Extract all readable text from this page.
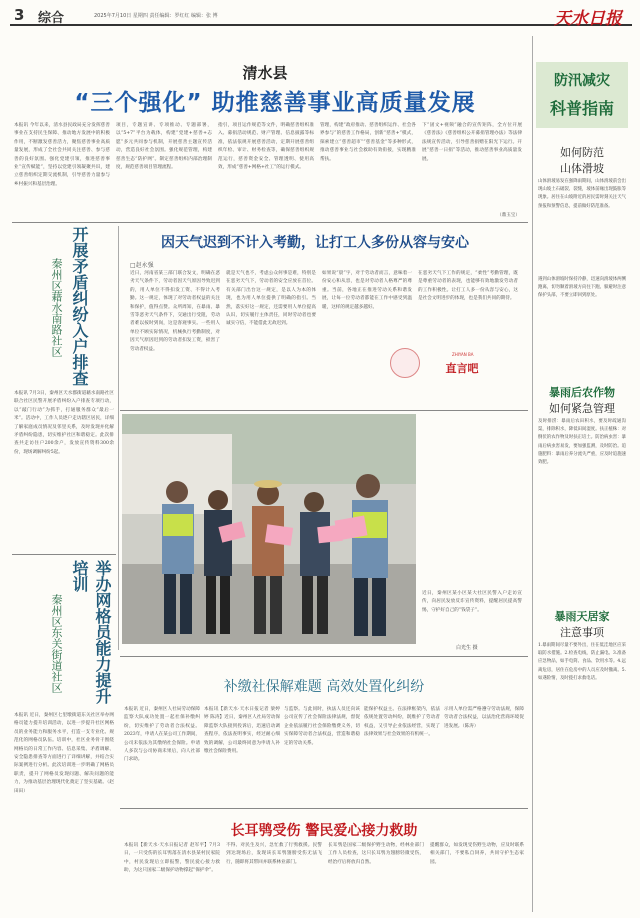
3 综合	2025年7月10日 星期四 责任编辑：罗红红 编辑：张 博	天水日报
清水县
“三个强化” 助推慈善事业高质量发展
本报讯 今年以来，清水县民政局充分发挥慈善事业在支持民生保障、推动地方发展中的积极作用，不断激发慈善活力，聚焦慈善事业高质量发展，形成了全社会共同关注慈善、参与慈善的良好氛围。强化党建引领，推进慈善事业“宣传赋能”，坚持以党建引领凝聚共识，建立慈善组织定期交流机制，引导慈善力量参与乡村振兴和基层治理。
项目，专题宣讲、专项推动、专题部署，以“5+7”平台为载体，构建“党建+慈善+志愿”多元共同参与机制，开展慈善主题宣传活动，营造良好社会氛围。强化规范管理，构建慈善生态“防护网”。制定慈善组织内部治理制度，规范慈善项目管理流程。
指引，项目运作规范等文件，明确慈善组织准入、募捐活动规范、财产管理、信息披露等标准，依法依规开展慈善活动，定期开展慈善组织年检、审计、财务检查等，确保慈善组织规范运行，慈善资金安全、管理透明、使用高效，形成“慈善+网格+社工”的运行模式。
管理，构建“政府推动、慈善组织运作、社会各界参与”的慈善工作格局，创新“慈善+”模式，探索建立“慈善超市”“慈善基金”等多种形式，推动慈善事业与社会救助有效衔接，实现精准帮扶。
下“固文+视频”融合的宣传矩阵，全方位开展《慈善法》《慈善组织公开募捐管理办法》等法律法规宣传活动，引导慈善捐赠在阳光下运行。开展“慈善一日捐”等活动，推动慈善事业高质量发展。
（鼎玉宝）
开展矛盾纠纷入户排查
秦州区藉水南路社区
本报讯 7月3日，秦州区天水郡街道藉水南路社区联合社区民警开展矛盾纠纷入户排查专项行动，以“敲门行动”为抓手，打通服务群众“最后一米”。活动中，工作人员逐户走访辖区居民，详细了解家庭成员情况及邻里关系，及时发现并化解矛盾纠纷隐患，切实维护社区和谐稳定。此次排查共走访住户200余户，发放宣传资料300余份，现场调解纠纷5起。
举办网格员能力提升培训
秦州区东关街道社区
本报讯 近日，秦州区七里墩街道东关社区举办网格员能力提升培训活动，以进一步提升社区网格员的业务能力和服务水平，打造一支专业化、规范化的网格员队伍。培训中，社区业务骨干围绕网格员的日常工作内容、信息采集、矛盾调解、安全隐患排查等方面进行了详细讲解，并结合实际案例进行分析。此次培训进一步明确了网格员职责，提升了网格员发现问题、解决问题的能力，为推动基层治理现代化奠定了坚实基础。（赵田田）
因天气迟到不计入考勤，让打工人多份从容与安心
□赵永强
近日，河南省某三部门联合发文，明确在恶劣天气条件下，劳动者因天气原因导致迟到的，用人单位不得扣发工资、不得计入考勤。这一规定，体现了对劳动者权益的关注和保护，值得点赞。众所周知，在暴雨、暴雪等恶劣天气条件下，交通出行受阻，劳动者难以按时到岗，这是客观事实。一些用人单位不顾实际情况，机械执行考勤制度，对因天气原因迟到的劳动者扣发工资，损害了劳动者权益。
就是天气也不，考虑公众何事是难，特别是在恶劣天气下，劳动者的安全应放在首位。有关部门出台这一规定，是以人为本的体现，也为用人单位提供了明确的指引。当然，落实好这一规定，还需要用人单位提高认识，切实履行主体责任，同时劳动者也要诚实守信，不能借此无故迟到。
如果说“晨”字，对于劳动者而言，意味着一份安心和从容，也是对劳动者人格尊严的尊重。当前，各地正在推进劳动关系和谐发展，让每一位劳动者都能在工作中感受到温暖，这样的规定越多越好。
在恶劣天气下工作的规定，“柔性”考勤管理，既是尊重劳动者的表现，也能够有效地激发劳动者的工作积极性。让打工人多一份从容与安心，这是社会文明进步的体现，也是我们共同的期待。
ZHIYAN BA
直言吧
近日，秦州区某小区某大社区民警入户走访宣传，向居民发放反诈宣传资料，提醒居民提高警惕，守护好自己的“钱袋子”。
白光生 摄
补缴社保解难题 高效处置化纠纷
本报讯 近日，秦州区人社局劳动保障监察大队成功处置一起社保补缴纠纷，切实维护了劳动者合法权益。2023年，申请人在某公司工作期间，公司未依法为其缴纳社会保险。申请人多次与公司协商未果后，向人社部门求助。
本报讯【新天水·天水日报记者 梁婷婷 陈涛】近日，秦州区人社局劳动保障监察大队接到投诉后，迅速启动调查程序，依法查明事实，经过耐心细致的调解，公司最终同意为申请人补缴社会保险费用。
与监察。与此同时，执法人员还向该公司宣传了社会保险法律法规，督促企业依法履行社会保险缴费义务，切实保障劳动者合法权益，营造和谐稳定的劳动关系。
能保护权益主。在法律框架内，依法依规处置劳动纠纷，既维护了劳动者权益，又引导企业依法经营，实现了法律效果与社会效果的有机统一。
示用人单位需严格遵守劳动法规，保障劳动者合法权益，以法治化营商环境促进发展。（陈涛）
长耳鸮受伤 警民爱心接力救助
本报讯【新天水·天水日报记者 赵军平】7月3日，一只受伤的长耳鸮落在清水县某村民家院中，村民发现后立即报警，警民爱心接力救助，为这只国家二级保护动物撑起“保护伞”。
不得、对民生及兴，急忙救了行鸮救援。民警到达现场后，发现该长耳鸮翅膀受伤无法飞行，随即将其带回并联系林业部门。
长耳鸮是国家二级保护野生动物，经林业部门工作人员检查，这只长耳鸮为翅膀轻微受伤，经治疗后将放归自然。
提醒群众，如发现受伤野生动物，应及时联系相关部门，不要私自饲养，共同守护生态家园。
防汛减灾
科普指南
如何防范
山体滑坡
山体滑坡易发在强降雨期间，山体滑坡前会出现山坡土石破裂、裂缝，坡体前缘出现鼓胀等现象。居住在山坡附近的居民需时刻关注天气预报和预警信息，提前做好防范准备。
遇到山体滑坡时保持冷静，迅速向滑坡体两侧跑离，切勿顺着滑坡方向往下跑。躲避时注意保护头部，不要立即回到原处。
暴雨后农作物
如何紧急管理
及时排涝：暴雨后农田积水，要及时疏通沟渠，排除积水，降低田间湿度。扶正植株：对倒伏的农作物及时扶正培土。防治病虫害：暴雨后病虫害易发，要加强监测，及时防治。追施肥料：暴雨后养分流失严重，应及时追施速效肥。
暴雨天居家
注意事项
1.暴雨期间尽量不要外出，住在低洼地区应采取防水措施。2.检查电线，防止漏电。3.准备应急物品，如手电筒、食品、饮用水等。4.远离危房，居住在危房中的人员应及时撤离。5.如遇险情，及时拨打求救电话。
